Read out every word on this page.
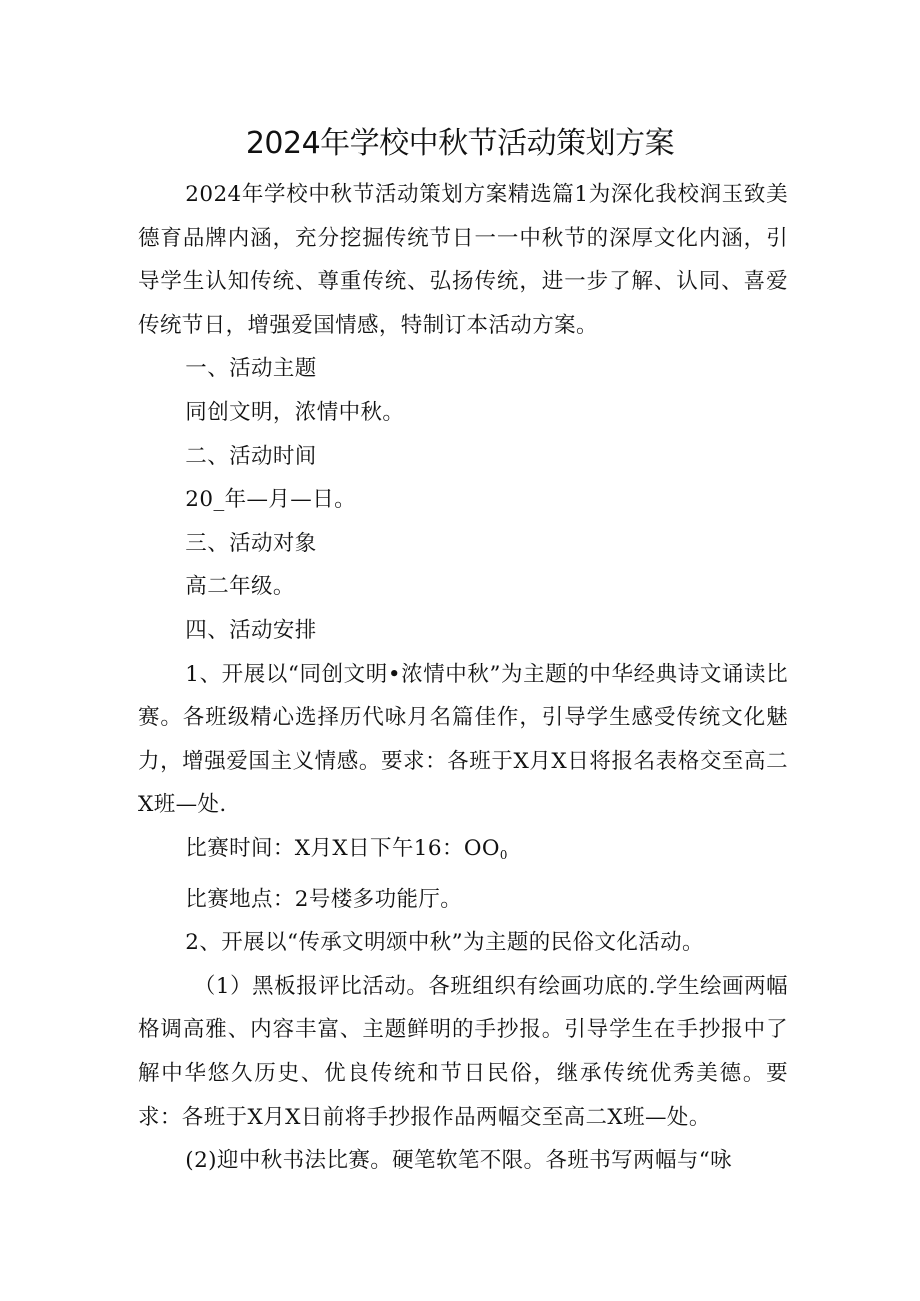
2024年学校中秋节活动策划方案

2024年学校中秋节活动策划方案精选篇1为深化我校润玉致美德育品牌内涵，充分挖掘传统节日一一中秋节的深厚文化内涵，引导学生认知传统、尊重传统、弘扬传统，进一步了解、认同、喜爱传统节日，增强爱国情感，特制订本活动方案。

一、活动主题

同创文明，浓情中秋。

二、活动时间

20_年—月—日。

三、活动对象

高二年级。

四、活动安排

1、开展以“同创文明•浓情中秋”为主题的中华经典诗文诵读比赛。各班级精心选择历代咏月名篇佳作，引导学生感受传统文化魅力，增强爱国主义情感。要求：各班于X月X日将报名表格交至高二X班—处.

比赛时间：X月X日下午16：OO0

比赛地点：2号楼多功能厅。

2、开展以“传承文明颂中秋”为主题的民俗文化活动。

（1）黑板报评比活动。各班组织有绘画功底的.学生绘画两幅格调高雅、内容丰富、主题鲜明的手抄报。引导学生在手抄报中了解中华悠久历史、优良传统和节日民俗，继承传统优秀美德。要求：各班于X月X日前将手抄报作品两幅交至高二X班—处。

(2)迎中秋书法比赛。硬笔软笔不限。各班书写两幅与“咏
